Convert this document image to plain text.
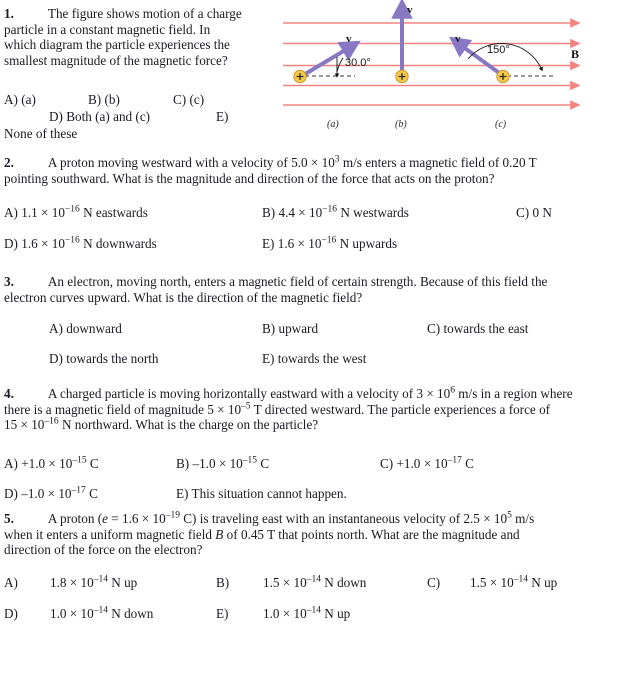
1.	The figure shows motion of a charge
particle in a constant magnetic field. In
which diagram the particle experiences the
smallest magnitude of the magnetic force?
A) (a)	B) (b)	C) (c)
D) Both (a) and (c)	E)
None of these
v
v
v
30.0°
150°	B
(a)	(b)	(c)
2.	A proton moving westward with a velocity of $5.0 \times 10^3$ m/s enters a magnetic field of 0.20 T
pointing southward. What is the magnitude and direction of the force that acts on the proton?
A) $1.1 \times 10^{-16}$ N eastwards	B) $4.4 \times 10^{-16}$ N westwards	C) 0 N
D) $1.6 \times 10^{-16}$ N downwards	E) $1.6 \times 10^{-16}$ N upwards
3.	An electron, moving north, enters a magnetic field of certain strength. Because of this field the
electron curves upward. What is the direction of the magnetic field?
A) downward	B) upward	C) towards the east
D) towards the north	E) towards the west
4.	A charged particle is moving horizontally eastward with a velocity of $3 \times 10^6$ m/s in a region where
there is a magnetic field of magnitude $5 \times 10^{-5}$ T directed westward. The particle experiences a force of
$15 \times 10^{-16}$ N northward. What is the charge on the particle?
$A) +1.0 \times 10^{-15}$ C	B) $-1.0 \times 10^{-15}$ C	$C) +1.0 \times 10^{-17}$ C
D) $-1.0 \times 10^{-17}$ C	E) This situation cannot happen.
5.	A proton ($e = 1.6 \times 10^{-19}$ C) is traveling east with an instantaneous velocity of $2.5 \times 10^5$ m/s
when it enters a uniform magnetic field B of 0.45 T that points north. What are the magnitude and
direction of the force on the electron?
A) $1.8 \times 10^{-14}$ N up	B)	$1.5 \times 10^{-14}$ N down	C) $1.5 \times 10^{-14}$ N up
D) $1.0 \times 10^{-14}$ N down	E)	$1.0 \times 10^{-14}$ N up
